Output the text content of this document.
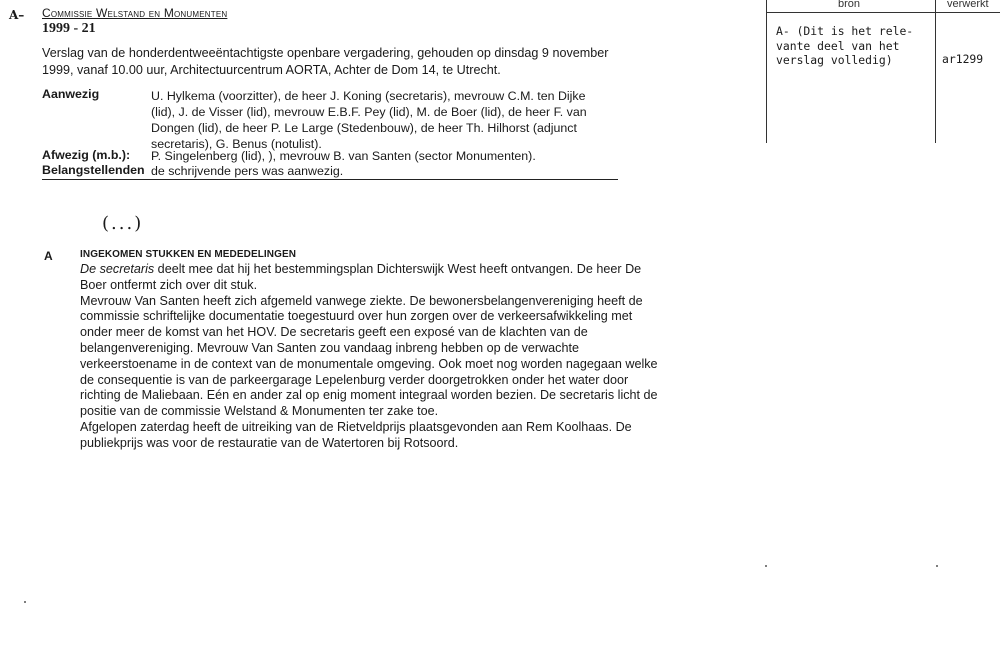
A– Commissie Welstand en Monumenten
1999 - 21
Verslag van de honderdentweeëntachtigste openbare vergadering, gehouden op dinsdag 9 november 1999, vanaf 10.00 uur, Architectuurcentrum AORTA, Achter de Dom 14, te Utrecht.
Aanwezig	U. Hylkema (voorzitter), de heer J. Koning (secretaris), mevrouw C.M. ten Dijke (lid), J. de Visser (lid), mevrouw E.B.F. Pey (lid), M. de Boer (lid), de heer F. van Dongen (lid), de heer P. Le Large (Stedenbouw), de heer Th. Hilhorst (adjunct secretaris), G. Benus (notulist).
Afwezig (m.b.): P. Singelenberg (lid), ), mevrouw B. van Santen (sector Monumenten).
Belangstellenden de schrijvende pers was aanwezig.
(...)
A	INGEKOMEN STUKKEN EN MEDEDELINGEN

De secretaris deelt mee dat hij het bestemmingsplan Dichterswijk West heeft ontvangen. De heer De Boer ontfermt zich over dit stuk.

Mevrouw Van Santen heeft zich afgemeld vanwege ziekte. De bewonersbelangenvereniging heeft de commissie schriftelijke documentatie toegestuurd over hun zorgen over de verkeersafwikkeling met onder meer de komst van het HOV. De secretaris geeft een exposé van de klachten van de belangenvereniging. Mevrouw Van Santen zou vandaag inbreng hebben op de verwachte verkeerstoename in de context van de monumentale omgeving. Ook moet nog worden nagegaan welke de consequentie is van de parkeergarage Lepelenburg verder doorgetrokken onder het water door richting de Maliebaan. Eén en ander zal op enig moment integraal worden bezien. De secretaris licht de positie van de commissie Welstand & Monumenten ter zake toe.

Afgelopen zaterdag heeft de uitreiking van de Rietveldprijs plaatsgevonden aan Rem Koolhaas. De publiekprijs was voor de restauratie van de Watertoren bij Rotsoord.

bron	verwerkt
A- (Dit is het rele-
vante deel van het
verslag volledig)	ar1299
